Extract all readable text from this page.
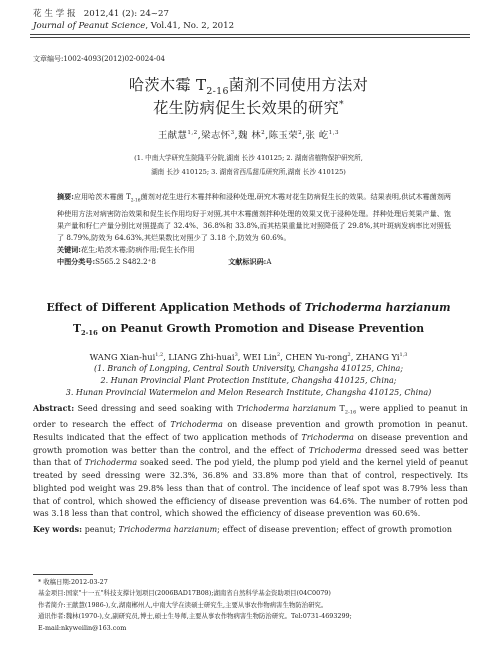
花 生 学 报 2012,41 (2): 24~27
Journal of Peanut Science, Vol.41, No. 2, 2012
文章编号:1002-4093(2012)02-0024-04
哈茨木霉 $T_{2-16}$菌剂不同使用方法对
花生防病促生长效果的研究*
王献慧$^{1,2}$,梁志怀$^3$,魏 林$^2$,陈玉荣$^2$,张 屹$^{1,3}$
(1. 中南大学研究生院隆平分院,湖南 长沙 410125; 2. 湖南省植物保护研究所,
湖南 长沙 410125; 3. 湖南省西瓜甜瓜研究所,湖南 长沙 410125)
摘要:应用哈茨木霉菌 $T_{2-16}$菌剂对花生进行木霉拌种和浸种处理,研究木霉对花生防病促生长的效果。结果表明,供试木霉菌剂两种使用方法对病害防治效果和促生长作用均好于对照,其中木霉菌剂拌种处理的效果又优于浸种处理。拌种处理后荚果产量、饱果产量和籽仁产量分别比对照提高了 32.4%、36.8%和 33.8%,而其枯果重量比对照降低了 29.8%,其叶斑病发病率比对照低了 8.79%,防效为 64.63%,其烂果数比对照少了 3.18 个,防效为 60.6%。
关键词:花生;哈茨木霉;防病作用;促生长作用
中图分类号:S565.2 S482.2⁺8	文献标识码:A
Effect of Different Application Methods of Trichoderma harzianum
$T_{2-16}$ on Peanut Growth Promotion and Disease Prevention
WANG Xian-hui$^{1,2}$, LIANG Zhi-huai$^3$, WEI Lin$^2$, CHEN Yu-rong$^2$, ZHANG Yi$^{1,3}$
(1. Branch of Longping, Central South University, Changsha 410125, China;
2. Hunan Provincial Plant Protection Institute, Changsha 410125, China;
3. Hunan Provincial Watermelon and Melon Research Institute, Changsha 410125, China)
Abstract: Seed dressing and seed soaking with Trichoderma harzianum $T_{2-16}$ were applied to peanut in order to research the effect of Trichoderma on disease prevention and growth promotion in peanut. Results indicated that the effect of two application methods of Trichoderma on disease prevention and growth promotion was better than the control, and the effect of Trichoderma dressed seed was better than that of Trichoderma soaked seed. The pod yield, the plump pod yield and the kernel yield of peanut treated by seed dressing were 32.3%, 36.8% and 33.8% more than that of control, respectively. Its blighted pod weight was 29.8% less than that of control. The incidence of leaf spot was 8.79% less than that of control, which showed the efficiency of disease prevention was 64.6%. The number of rotten pod was 3.18 less than that control, which showed the efficiency of disease prevention was 60.6%.
Key words: peanut; Trichoderma harzianum; effect of disease prevention; effect of growth promotion
* 收稿日期:2012-03-27
基金项目:国家"十一五"科技支撑计划项目(2006BAD17B08);湖南省自然科学基金资助项目(04C0079)
作者简介:王献慧(1986-),女,湖南郴州人,中南大学在读硕士研究生,主要从事农作物病害生物防治研究。
通讯作者:魏林(1970-),女,副研究员,博士,硕士生导师,主要从事农作物病害生物防治研究。Tel:0731-4693299;
E-mail:nkyweilin@163.com
